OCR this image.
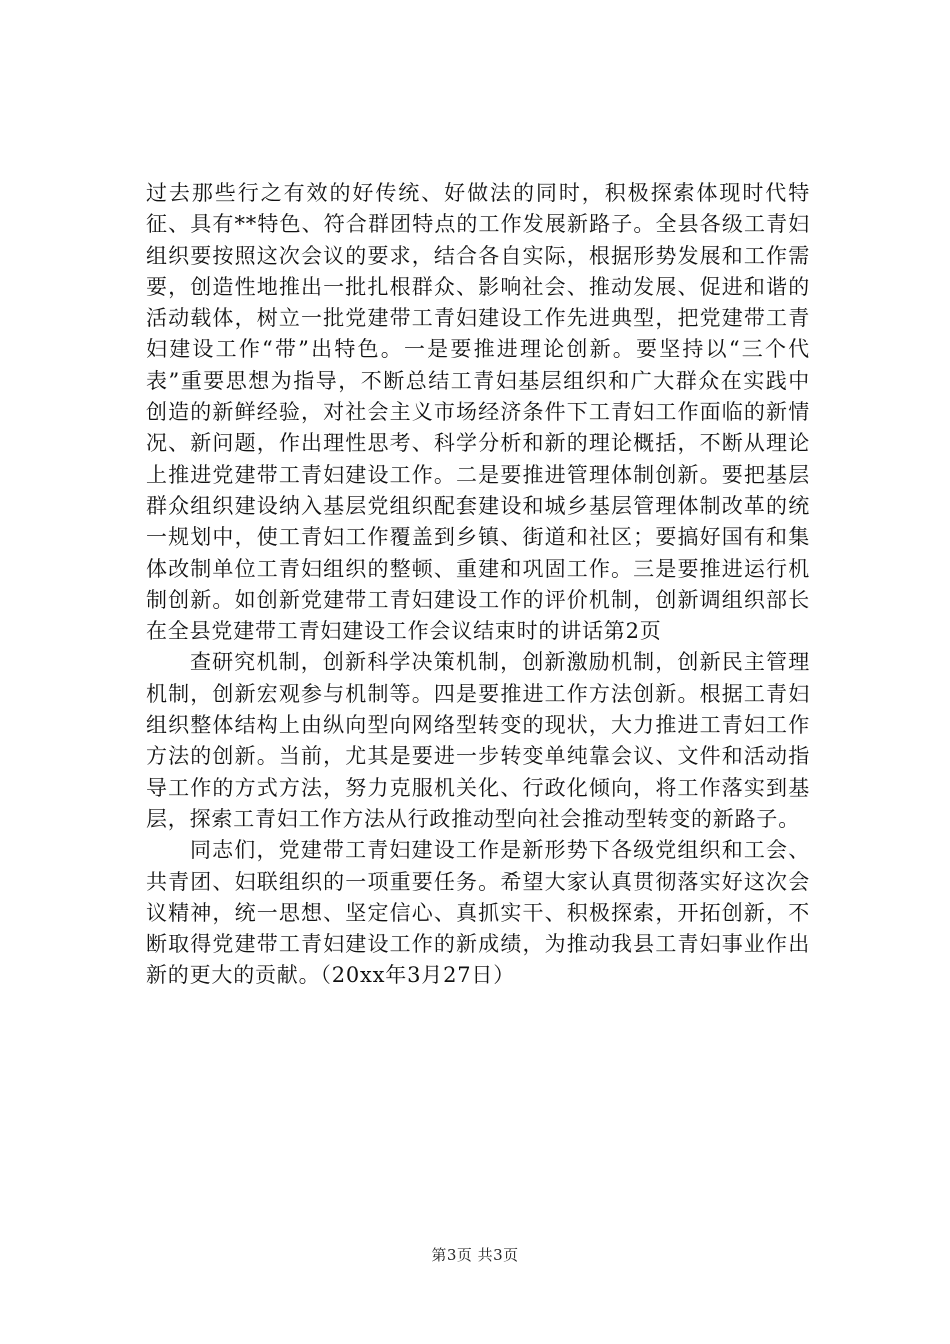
过去那些行之有效的好传统、好做法的同时，积极探索体现时代特征、具有**特色、符合群团特点的工作发展新路子。全县各级工青妇组织要按照这次会议的要求，结合各自实际，根据形势发展和工作需要，创造性地推出一批扎根群众、影响社会、推动发展、促进和谐的活动载体，树立一批党建带工青妇建设工作先进典型，把党建带工青妇建设工作“带”出特色。一是要推进理论创新。要坚持以“三个代表”重要思想为指导，不断总结工青妇基层组织和广大群众在实践中创造的新鲜经验，对社会主义市场经济条件下工青妇工作面临的新情况、新问题，作出理性思考、科学分析和新的理论概括，不断从理论上推进党建带工青妇建设工作。二是要推进管理体制创新。要把基层群众组织建设纳入基层党组织配套建设和城乡基层管理体制改革的统一规划中，使工青妇工作覆盖到乡镇、街道和社区；要搞好国有和集体改制单位工青妇组织的整顿、重建和巩固工作。三是要推进运行机制创新。如创新党建带工青妇建设工作的评价机制，创新调组织部长在全县党建带工青妇建设工作会议结束时的讲话第2页

查研究机制，创新科学决策机制，创新激励机制，创新民主管理机制，创新宏观参与机制等。四是要推进工作方法创新。根据工青妇组织整体结构上由纵向型向网络型转变的现状，大力推进工青妇工作方法的创新。当前，尤其是要进一步转变单纯靠会议、文件和活动指导工作的方式方法，努力克服机关化、行政化倾向，将工作落实到基层，探索工青妇工作方法从行政推动型向社会推动型转变的新路子。

同志们，党建带工青妇建设工作是新形势下各级党组织和工会、共青团、妇联组织的一项重要任务。希望大家认真贯彻落实好这次会议精神，统一思想、坚定信心、真抓实干、积极探索，开拓创新，不断取得党建带工青妇建设工作的新成绩，为推动我县工青妇事业作出新的更大的贡献。（20xx年3月27日）

第3页 共3页
